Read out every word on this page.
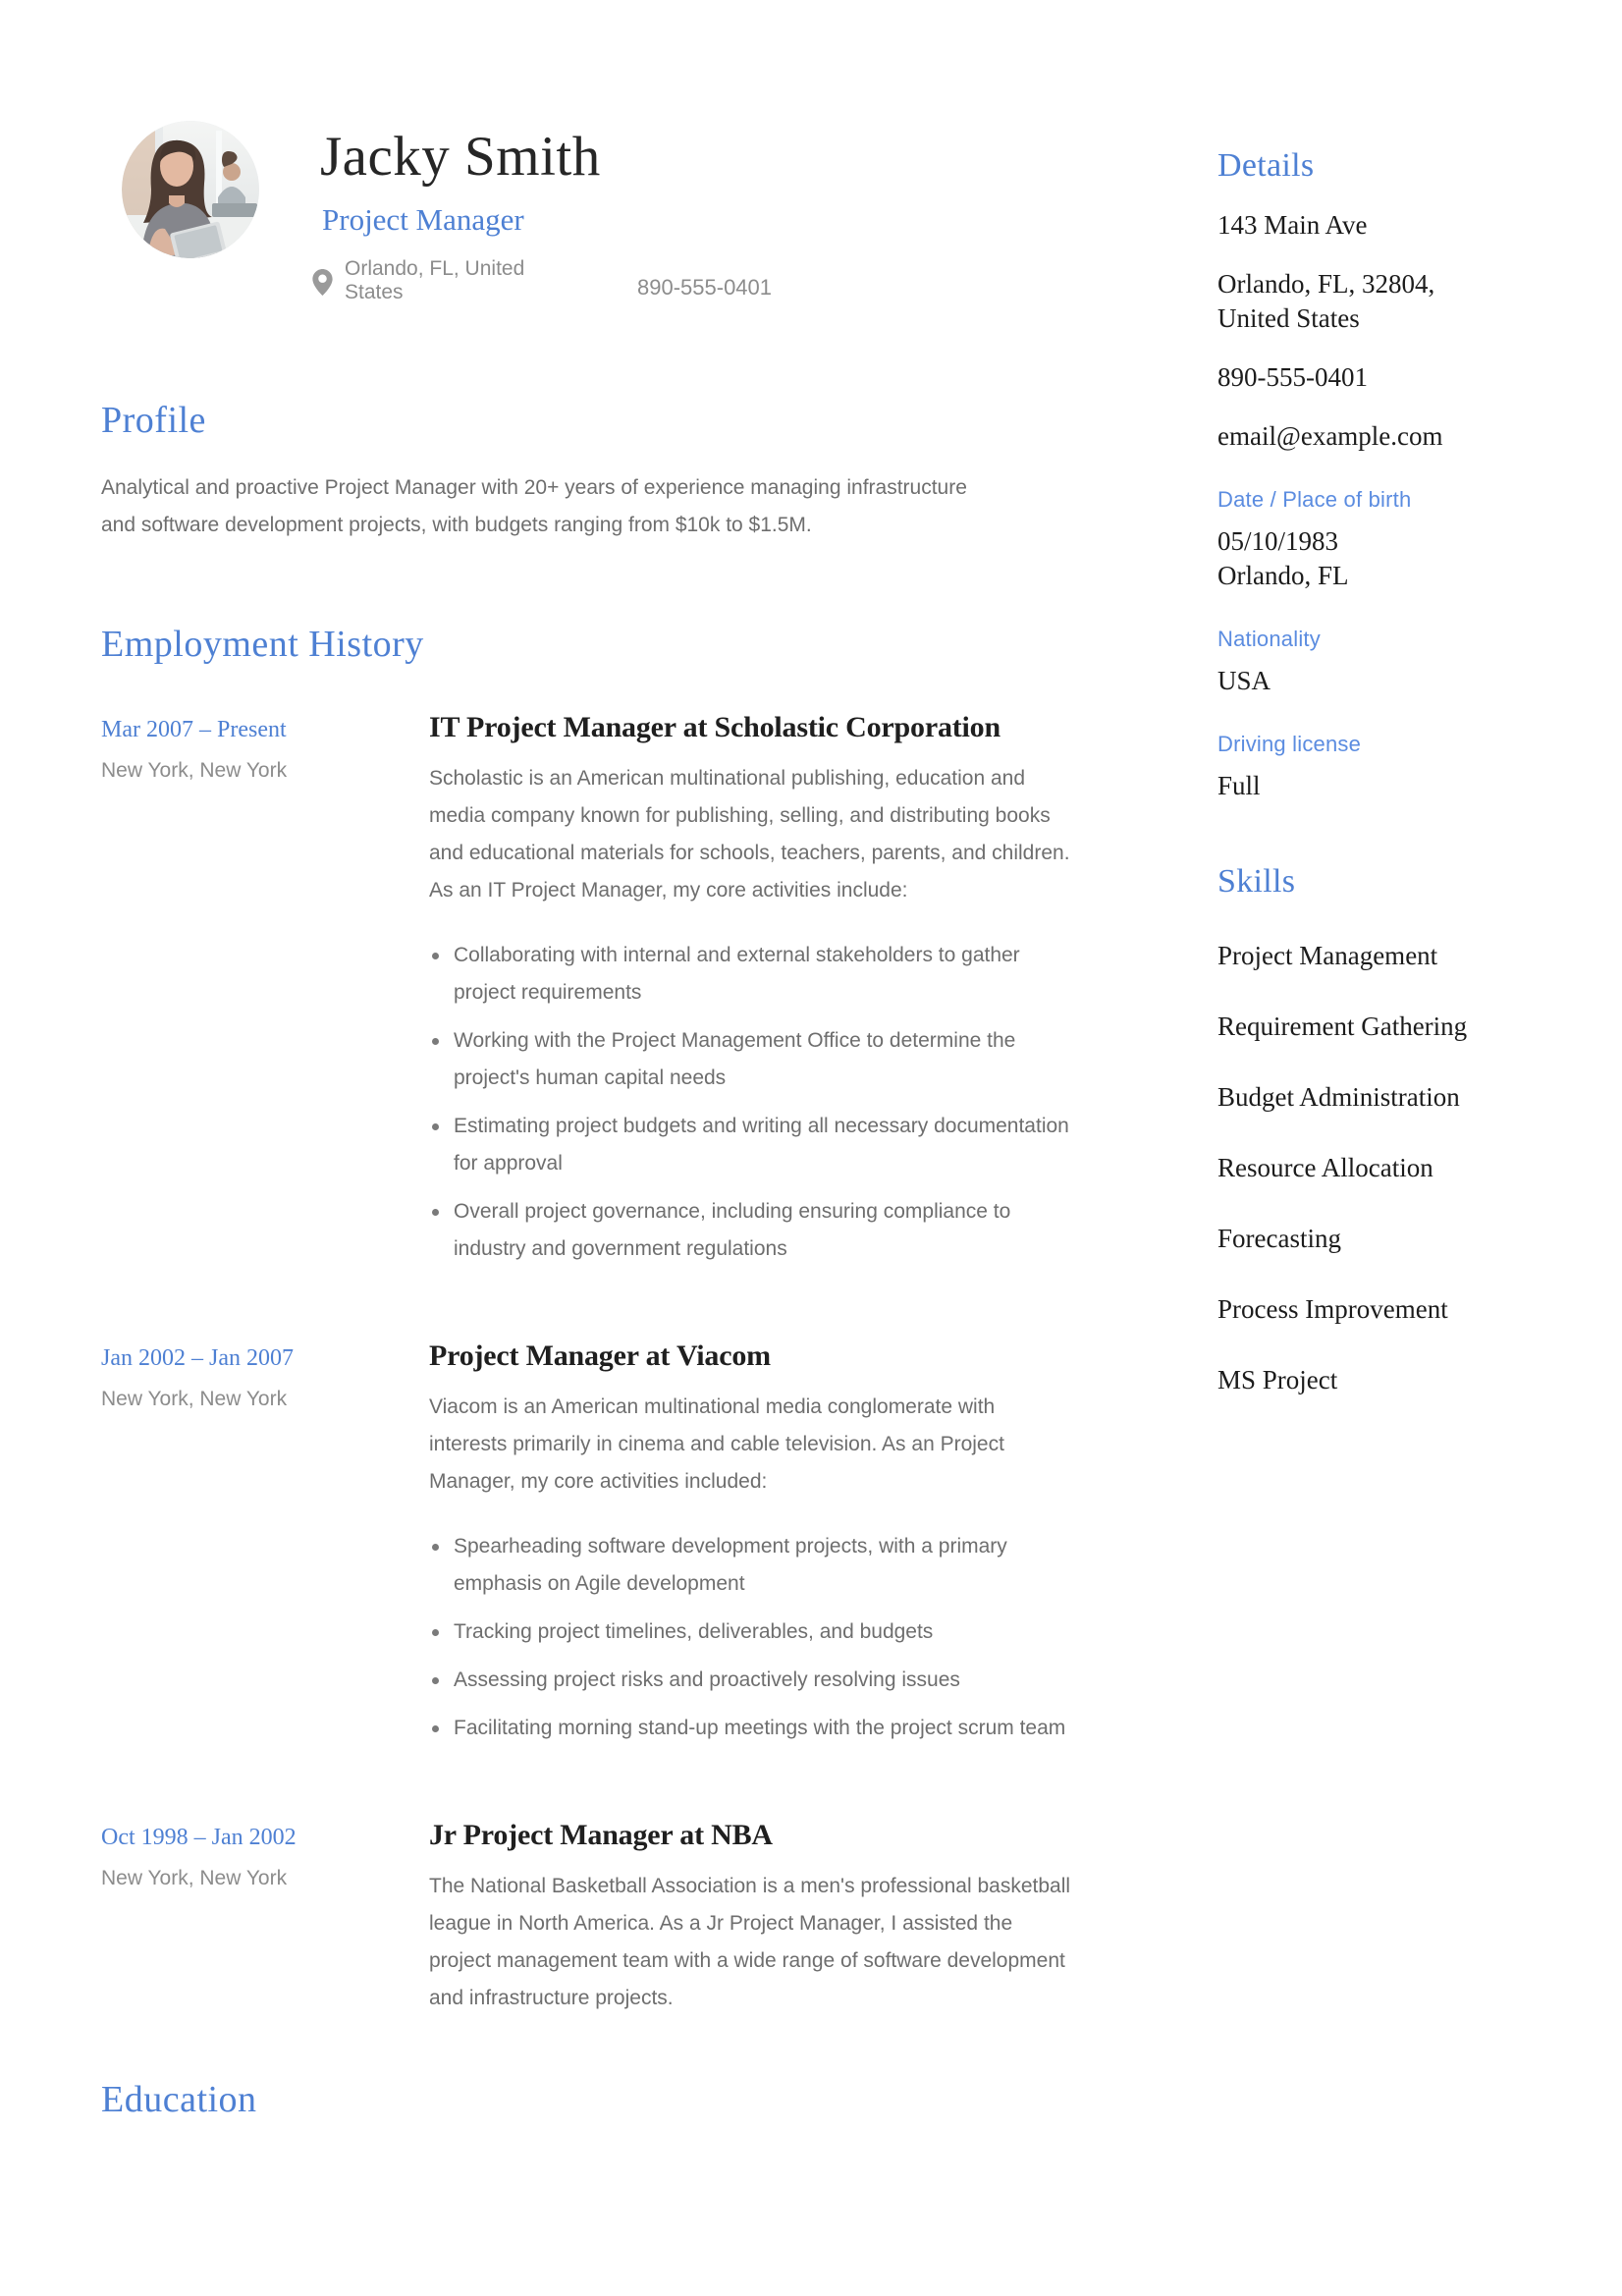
Jacky Smith
Project Manager
Orlando, FL, United States	890-555-0401
Profile

Analytical and proactive Project Manager with 20+ years of experience managing infrastructure and software development projects, with budgets ranging from $10k to $1.5M.

Employment History
Mar 2007 – Present
New York, New York
IT Project Manager at Scholastic Corporation
Scholastic is an American multinational publishing, education and media company known for publishing, selling, and distributing books and educational materials for schools, teachers, parents, and children. As an IT Project Manager, my core activities include:
Collaborating with internal and external stakeholders to gather project requirements
Working with the Project Management Office to determine the project's human capital needs
Estimating project budgets and writing all necessary documentation for approval
Overall project governance, including ensuring compliance to industry and government regulations
Jan 2002 – Jan 2007
New York, New York
Project Manager at Viacom
Viacom is an American multinational media conglomerate with interests primarily in cinema and cable television. As an Project Manager, my core activities included:
Spearheading software development projects, with a primary emphasis on Agile development
Tracking project timelines, deliverables, and budgets
Assessing project risks and proactively resolving issues
Facilitating morning stand-up meetings with the project scrum team
Oct 1998 – Jan 2002
New York, New York
Jr Project Manager at NBA
The National Basketball Association is a men's professional basketball league in North America. As a Jr Project Manager, I assisted the project management team with a wide range of software development and infrastructure projects.
Education
Details
143 Main Ave
Orlando, FL, 32804, United States
890-555-0401
email@example.com
Date / Place of birth
05/10/1983
Orlando, FL
Nationality
USA
Driving license
Full
Skills
Project Management
Requirement Gathering
Budget Administration
Resource Allocation
Forecasting
Process Improvement
MS Project
